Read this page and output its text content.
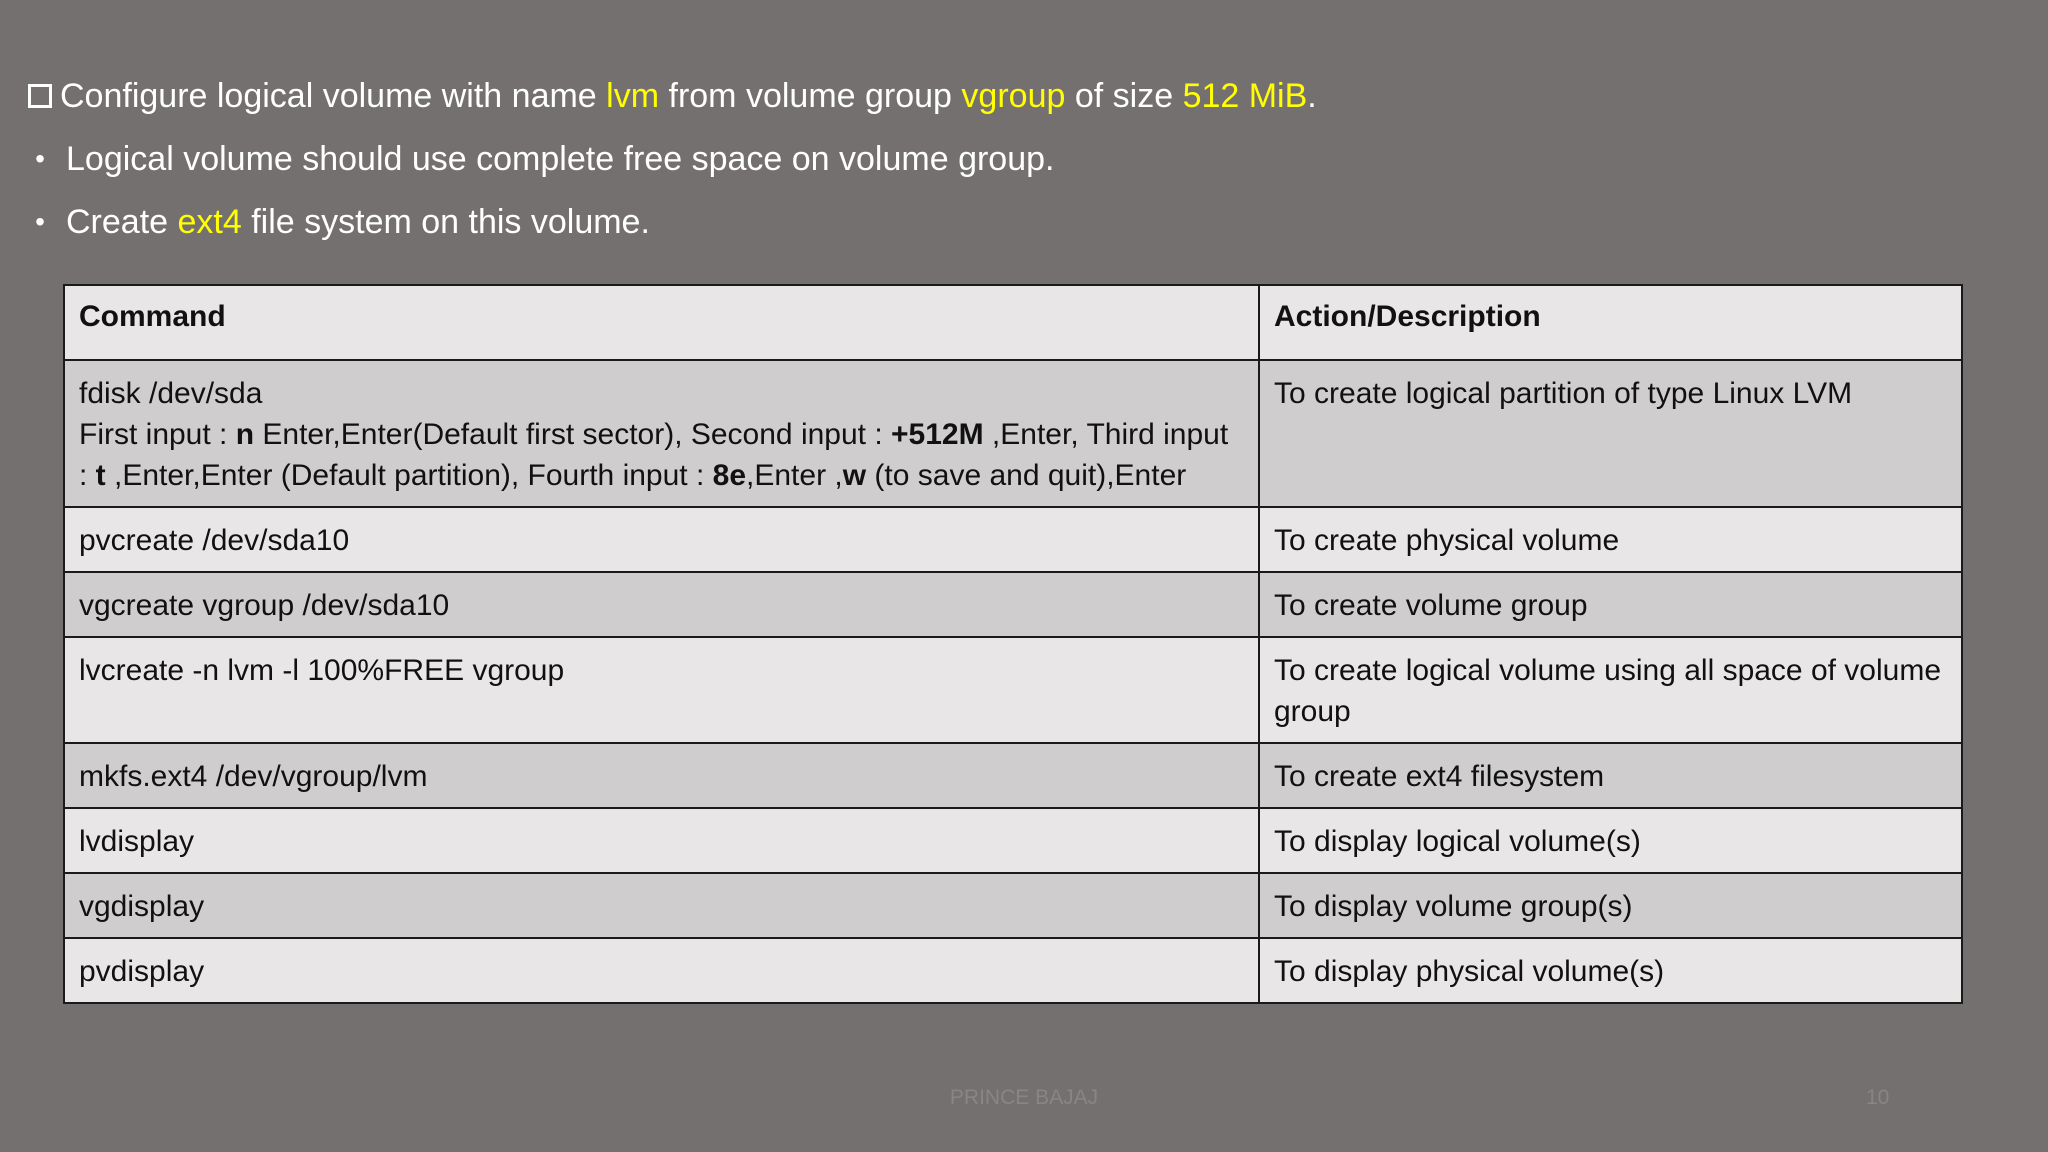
Configure logical volume with name lvm from volume group vgroup of size 512 MiB.
• Logical volume should use complete free space on volume group.
• Create ext4 file system on this volume.
Command	Action/Description
fdisk /dev/sda
First input : n Enter,Enter(Default first sector), Second input : +512M ,Enter, Third input : t ,Enter,Enter (Default partition), Fourth input : 8e,Enter ,w (to save and quit),Enter	To create logical partition of type Linux LVM
pvcreate /dev/sda10	To create physical volume
vgcreate vgroup /dev/sda10	To create volume group
lvcreate -n lvm -l 100%FREE vgroup	To create logical volume using all space of volume group
mkfs.ext4 /dev/vgroup/lvm	To create ext4 filesystem
lvdisplay	To display logical volume(s)
vgdisplay	To display volume group(s)
pvdisplay	To display physical volume(s)
PRINCE BAJAJ	10
